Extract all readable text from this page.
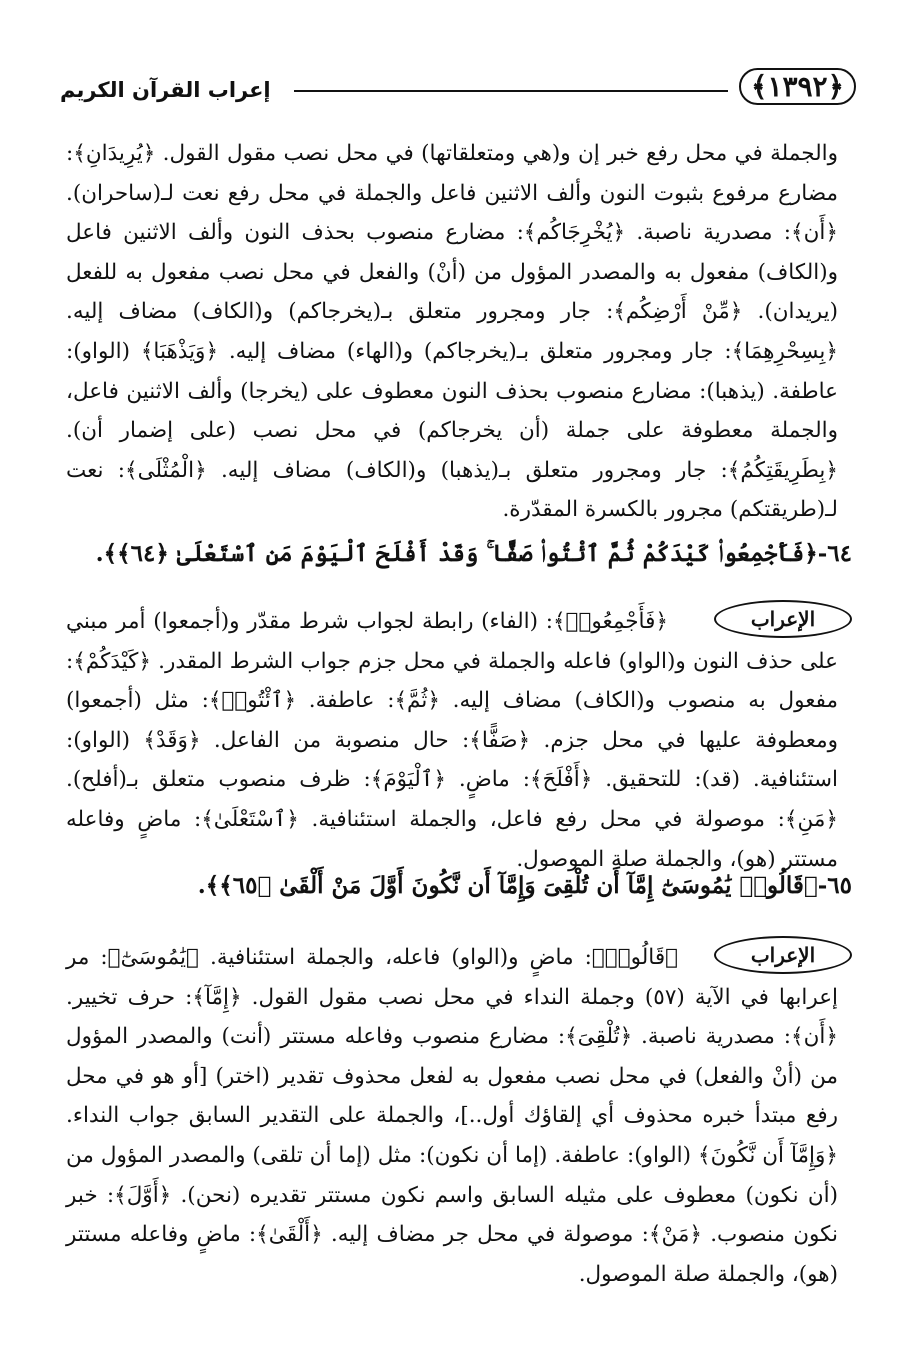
﴿١٣٩٢﴾
إعراب القرآن الكريم
والجملة في محل رفع خبر إن و(هي ومتعلقاتها) في محل نصب مقول القول. ﴿يُرِيدَانِ﴾: مضارع مرفوع بثبوت النون وألف الاثنين فاعل والجملة في محل رفع نعت لـ(ساحران). ﴿أَن﴾: مصدرية ناصبة. ﴿يُخْرِجَاكُم﴾: مضارع منصوب بحذف النون وألف الاثنين فاعل و(الكاف) مفعول به والمصدر المؤول من (أنْ) والفعل في محل نصب مفعول به للفعل (يريدان). ﴿مِّنْ أَرْضِكُم﴾: جار ومجرور متعلق بـ(يخرجاكم) و(الكاف) مضاف إليه. ﴿بِسِحْرِهِمَا﴾: جار ومجرور متعلق بـ(يخرجاكم) و(الهاء) مضاف إليه. ﴿وَيَذْهَبَا﴾ (الواو): عاطفة. (يذهبا): مضارع منصوب بحذف النون معطوف على (يخرجا) وألف الاثنين فاعل، والجملة معطوفة على جملة (أن يخرجاكم) في محل نصب (على إضمار أن). ﴿بِطَرِيقَتِكُمُ﴾: جار ومجرور متعلق بـ(يذهبا) و(الكاف) مضاف إليه. ﴿الْمُثْلَى﴾: نعت لـ(طريقتكم) مجرور بالكسرة المقدّرة.
٦٤-﴿فَأَجْمِعُوا۟ كَيْدَكُمْ ثُمَّ ٱئْتُوا۟ صَفًّا ۚ وَقَدْ أَفْلَحَ ٱلْيَوْمَ مَنِ ٱسْتَعْلَىٰ ﴿٦٤﴾﴾.
الإعراب
﴿فَأَجْمِعُوا۟﴾: (الفاء) رابطة لجواب شرط مقدّر و(أجمعوا) أمر مبني على حذف النون و(الواو) فاعله والجملة في محل جزم جواب الشرط المقدر. ﴿كَيْدَكُمْ﴾: مفعول به منصوب و(الكاف) مضاف إليه. ﴿ثُمَّ﴾: عاطفة. ﴿ٱئْتُوا۟﴾: مثل (أجمعوا) ومعطوفة عليها في محل جزم. ﴿صَفًّا﴾: حال منصوبة من الفاعل. ﴿وَقَدْ﴾ (الواو): استئنافية. (قد): للتحقيق. ﴿أَفْلَحَ﴾: ماضٍ. ﴿ٱلْيَوْمَ﴾: ظرف منصوب متعلق بـ(أفلح). ﴿مَنِ﴾: موصولة في محل رفع فاعل، والجملة استئنافية. ﴿ٱسْتَعْلَىٰ﴾: ماضٍ وفاعله مستتر (هو)، والجملة صلة الموصول.
٦٥-﴿قَالُوا۟ يَٰمُوسَىٰٓ إِمَّآ أَن تُلْقِىَ وَإِمَّآ أَن نَّكُونَ أَوَّلَ مَنْ أَلْقَىٰ ﴿٦٥﴾﴾.
الإعراب
﴿قَالُوا۟﴾: ماضٍ و(الواو) فاعله، والجملة استئنافية. ﴿يَٰمُوسَىٰٓ﴾: مر إعرابها في الآية (٥٧) وجملة النداء في محل نصب مقول القول. ﴿إِمَّآ﴾: حرف تخيير. ﴿أَن﴾: مصدرية ناصبة. ﴿تُلْقِىَ﴾: مضارع منصوب وفاعله مستتر (أنت) والمصدر المؤول من (أنْ والفعل) في محل نصب مفعول به لفعل محذوف تقدير (اختر) [أو هو في محل رفع مبتدأ خبره محذوف أي إلقاؤك أول..]، والجملة على التقدير السابق جواب النداء. ﴿وَإِمَّآ أَن نَّكُونَ﴾ (الواو): عاطفة. (إما أن نكون): مثل (إما أن تلقى) والمصدر المؤول من (أن نكون) معطوف على مثيله السابق واسم نكون مستتر تقديره (نحن). ﴿أَوَّلَ﴾: خبر نكون منصوب. ﴿مَنْ﴾: موصولة في محل جر مضاف إليه. ﴿أَلْقَىٰ﴾: ماضٍ وفاعله مستتر (هو)، والجملة صلة الموصول.
